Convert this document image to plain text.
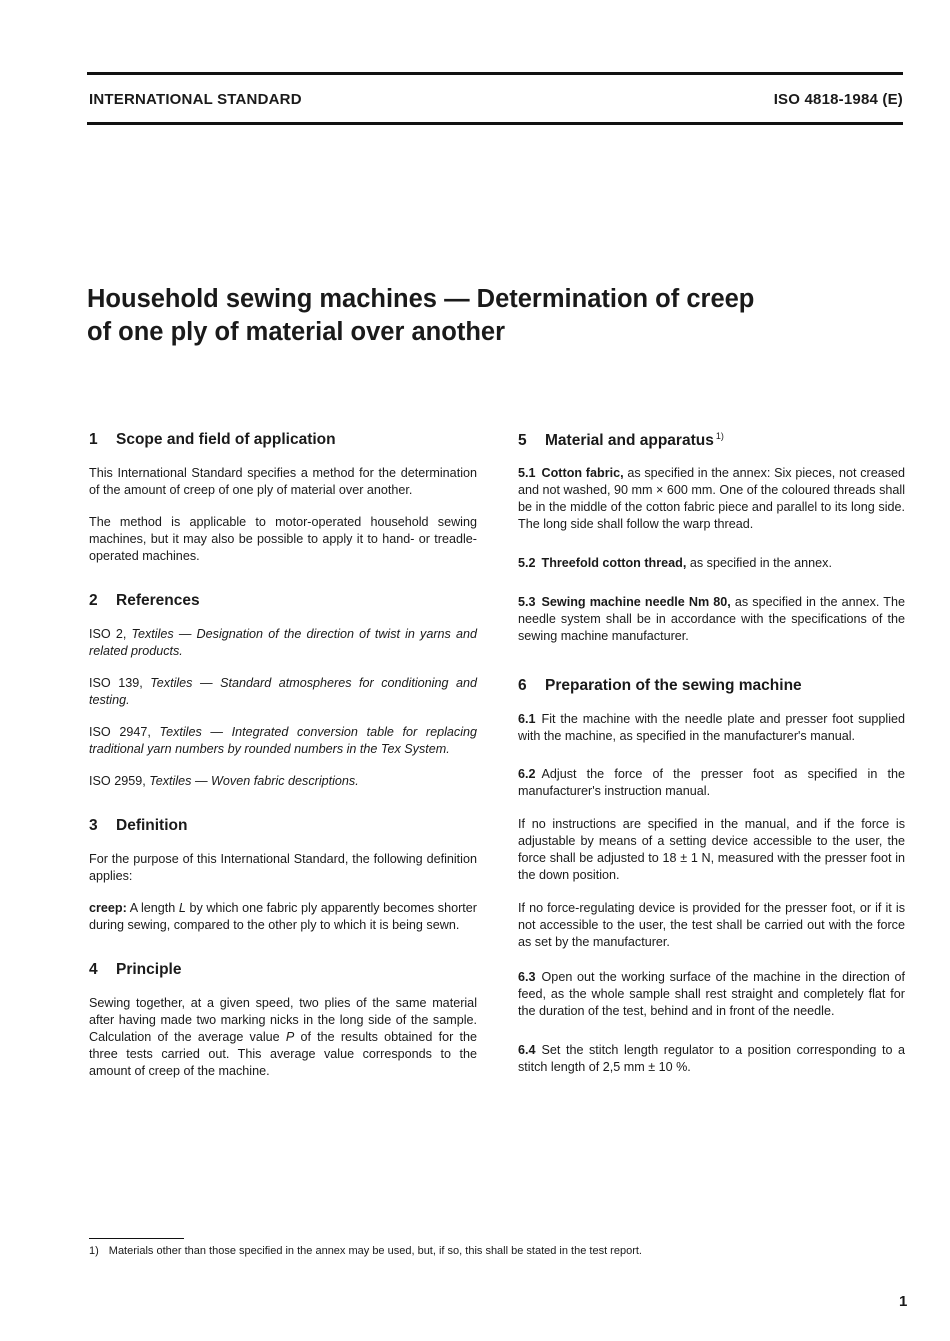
INTERNATIONAL STANDARD	ISO 4818-1984 (E)
Household sewing machines — Determination of creep
of one ply of material over another
1 Scope and field of application

This International Standard specifies a method for the determination of the amount of creep of one ply of material over another.

The method is applicable to motor-operated household sewing machines, but it may also be possible to apply it to hand- or treadle-operated machines.

2 References

ISO 2, Textiles — Designation of the direction of twist in yarns and related products.

ISO 139, Textiles — Standard atmospheres for conditioning and testing.

ISO 2947, Textiles — Integrated conversion table for replacing traditional yarn numbers by rounded numbers in the Tex System.

ISO 2959, Textiles — Woven fabric descriptions.

3 Definition

For the purpose of this International Standard, the following definition applies:

creep: A length L by which one fabric ply apparently becomes shorter during sewing, compared to the other ply to which it is being sewn.

4 Principle

Sewing together, at a given speed, two plies of the same material after having made two marking nicks in the long side of the sample. Calculation of the average value P of the results obtained for the three tests carried out. This average value corresponds to the amount of creep of the machine.

5 Material and apparatus $^{1)}$

5.1 Cotton fabric, as specified in the annex: Six pieces, not creased and not washed, 90 mm × 600 mm. One of the coloured threads shall be in the middle of the cotton fabric piece and parallel to its long side. The long side shall follow the warp thread.

5.2 Threefold cotton thread, as specified in the annex.

5.3 Sewing machine needle Nm 80, as specified in the annex. The needle system shall be in accordance with the specifications of the sewing machine manufacturer.

6 Preparation of the sewing machine

6.1 Fit the machine with the needle plate and presser foot supplied with the machine, as specified in the manufacturer's manual.

6.2 Adjust the force of the presser foot as specified in the manufacturer's instruction manual.

If no instructions are specified in the manual, and if the force is adjustable by means of a setting device accessible to the user, the force shall be adjusted to 18 ± 1 N, measured with the presser foot in the down position.

If no force-regulating device is provided for the presser foot, or if it is not accessible to the user, the test shall be carried out with the force as set by the manufacturer.

6.3 Open out the working surface of the machine in the direction of feed, as the whole sample shall rest straight and completely flat for the duration of the test, behind and in front of the needle.

6.4 Set the stitch length regulator to a position corresponding to a stitch length of 2,5 mm ± 10 %.

1) Materials other than those specified in the annex may be used, but, if so, this shall be stated in the test report.
1
